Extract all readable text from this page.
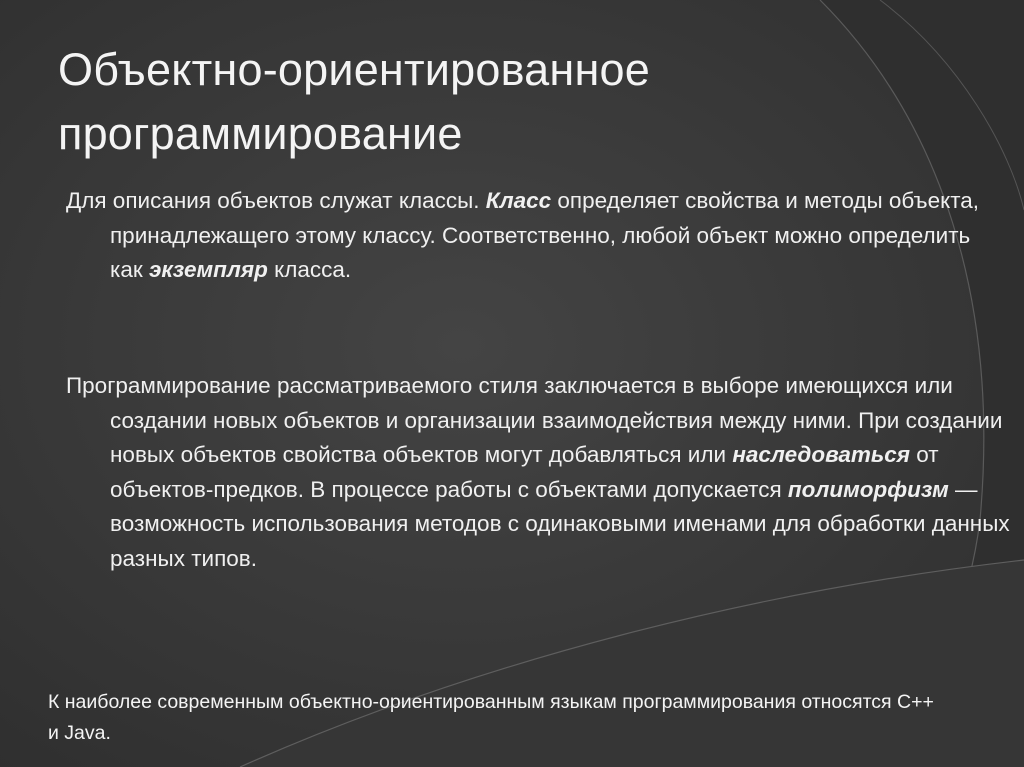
Объектно-ориентированное
программирование

Для описания объектов служат классы. Класс определяет свойства и методы объекта, принадлежащего этому классу. Соответственно, любой объект можно определить как экземпляр класса.

Программирование рассматриваемого стиля заключается в выборе имеющихся или создании новых объектов и организации взаимодействия между ними. При создании новых объектов свойства объектов могут добавляться или наследоваться от объектов-предков. В процессе работы с объектами допускается полиморфизм — возможность использования методов с одинаковыми именами для обработки данных разных типов.

К наиболее современным объектно-ориентированным языкам программирования относятся C++ и Java.
